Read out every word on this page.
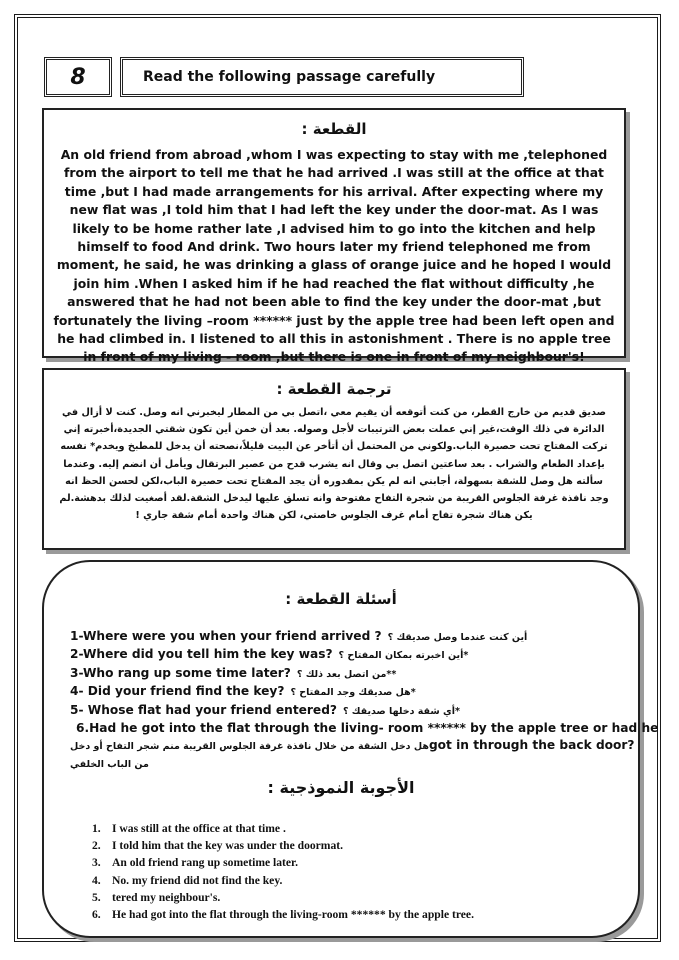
8	Read the following passage carefully
القطعة :
An old friend from abroad ,whom I was expecting to stay with me ,telephoned from the airport to tell me that he had arrived .I was still at the office at that time ,but I had made arrangements for his arrival. After expecting where my new flat was ,I told him that I had left the key under the door-mat. As I was likely to be home rather late ,I advised him to go into the kitchen and help himself to food And drink. Two hours later my friend telephoned me from moment, he said, he was drinking a glass of orange juice and he hoped I would join him .When I asked him if he had reached the flat without difficulty ,he answered that he had not been able to find the key under the door-mat ,but fortunately the living –room ****** just by the apple tree had been left open and he had climbed in. I listened to all this in astonishment . There is no apple tree in front of my living - room ,but there is one in front of my neighbour's!
ترجمة القطعة :
صديق قديم من خارج القطر، من كنت أتوقعه أن يقيم معي ،اتصل بي من المطار ليخبرني انه وصل. كنت لا أزال في الدائرة في ذلك الوقت،غير إني عملت بعض الترتيبات لأجل وصوله. بعد أن خمن أين تكون شقتي الجديدة،أخبرته إني تركت المفتاح تحت حصيرة الباب.ولكوني من المحتمل أن أتأخر عن البيت قليلاً،نصحته أن يدخل للمطبخ ويخدم* نفسه بإعداد الطعام والشراب . بعد ساعتين اتصل بي وقال انه يشرب قدح من عصير البرتقال ويأمل أن انضم إليه. وعندما سألته هل وصل للشقة بسهولة، أجابني انه لم يكن بمقدوره أن يجد المفتاح تحت حصيرة الباب،لكن لحسن الحظ انه وجد نافذة غرفة الجلوس القريبة من شجرة التفاح مفتوحة وانه تسلق عليها ليدخل الشقة.لقد أصغيت لذلك بدهشة.لم يكن هناك شجرة تفاح أمام غرف الجلوس خاصتي، لكن هناك واحدة أمام شقة جاري !
أسئلة القطعة :
1-Where were you when your friend arrived ? أين كنت عندما وصل صديقك ؟
2-Where did you tell him the key was? *أين اخبرته بمكان المفتاح ؟
3-Who rang up some time later? **من اتصل بعد ذلك ؟
4- Did your friend find the key? *هل صديقك وجد المفتاح ؟
5- Whose flat had your friend entered? *أي شقة دخلها صديقك ؟
6.Had he got into the flat through the living- room ****** by the apple tree or had he
هل دخل الشقة من خلال نافذة غرفة الجلوس القريبة منم شجر التفاح أو دخلgot in through the back door?
من الباب الخلفي
الأجوبة النموذجية :
1. I was still at the office at that time .
2. I told him that the key was under the doormat.
3. An old friend rang up sometime later.
4. No. my friend did not find the key.
5. tered my neighbour's.
6. He had got into the flat through the living-room ****** by the apple tree.
